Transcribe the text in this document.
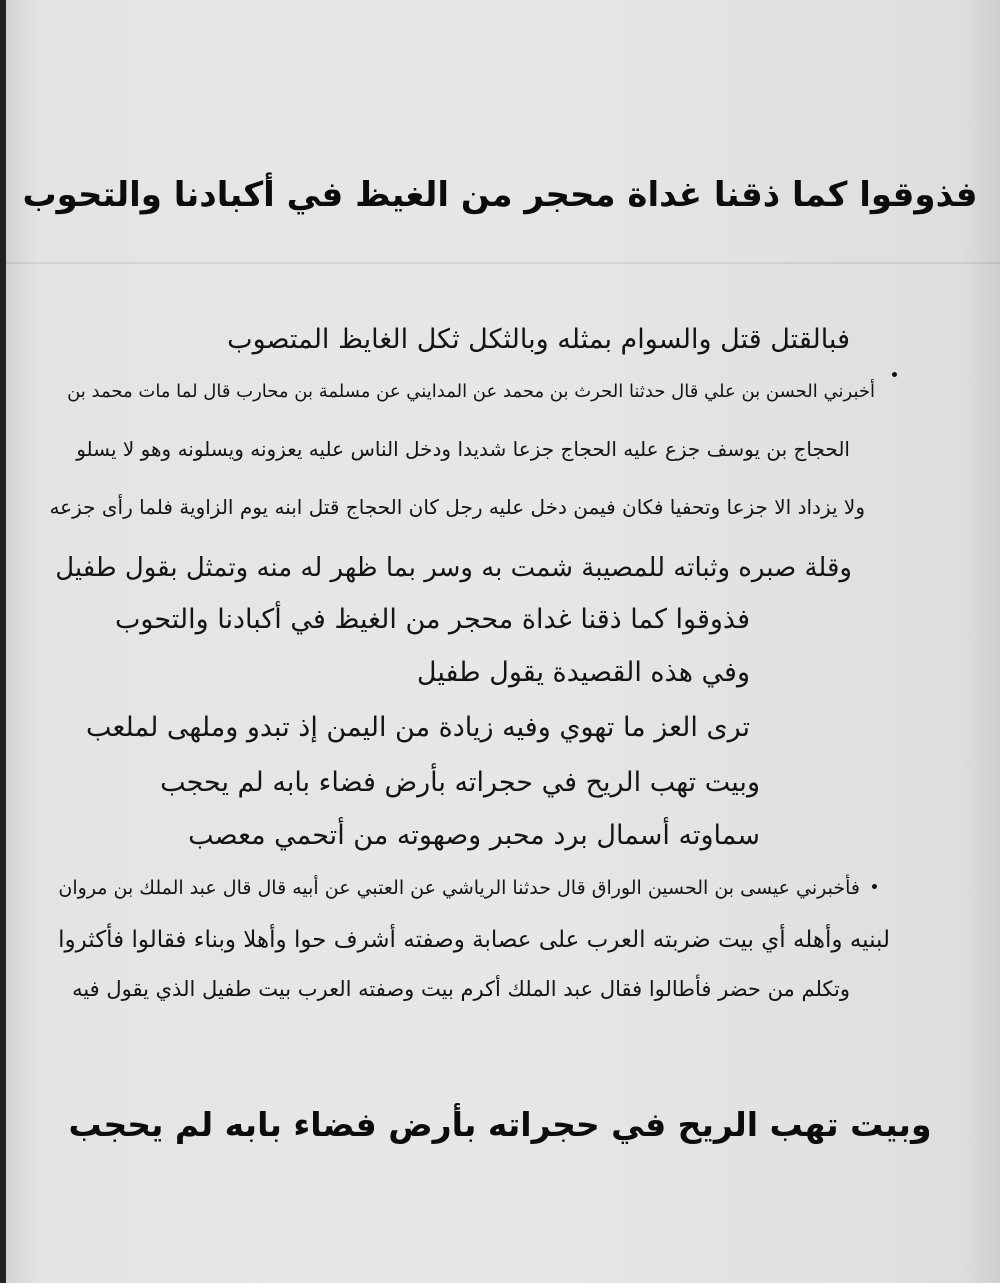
فذوقوا كما ذقنا غداة محجر من الغيظ في أكبادنا والتحوب
فبالقتل قتل والسوام بمثله وبالثكل ثكل الغايظ المتصوب
أخبرني الحسن بن علي قال حدثنا الحرث بن محمد عن المدايني عن مسلمة بن محارب قال لما مات محمد بن
الحجاج بن يوسف جزع عليه الحجاج جزعا شديدا ودخل الناس عليه يعزونه ويسلونه وهو لا يسلو
ولا يزداد الا جزعا وتحفيا فكان فيمن دخل عليه رجل كان الحجاج قتل ابنه يوم الزاوية فلما رأى جزعه
وقلة صبره وثباته للمصيبة شمت به وسر بما ظهر له منه وتمثل بقول طفيل
فذوقوا كما ذقنا غداة محجر من الغيظ في أكبادنا والتحوب
وفي هذه القصيدة يقول طفيل
ترى العز ما تهوي وفيه زيادة من اليمن إذ تبدو وملهى لملعب
وبيت تهب الريح في حجراته بأرض فضاء بابه لم يحجب
سماوته أسمال برد محبر وصهوته من أتحمي معصب
فأخبرني عيسى بن الحسين الوراق قال حدثنا الرياشي عن العتبي عن أبيه قال قال عبد الملك بن مروان
لبنيه وأهله أي بيت ضربته العرب على عصابة وصفته أشرف حوا وأهلا وبناء فقالوا فأكثروا
وتكلم من حضر فأطالوا فقال عبد الملك أكرم بيت وصفته العرب بيت طفيل الذي يقول فيه
وبيت تهب الريح في حجراته بأرض فضاء بابه لم يحجب
